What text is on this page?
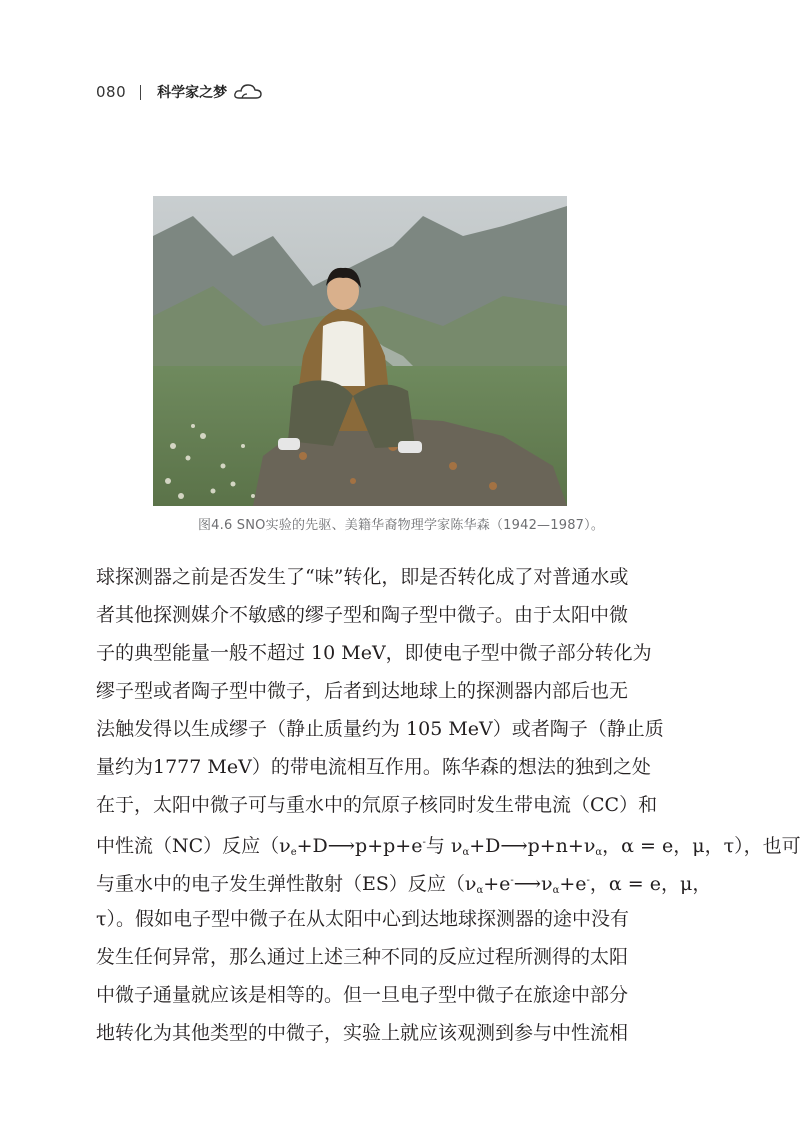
080 科学家之梦
图4.6 SNO实验的先驱、美籍华裔物理学家陈华森（1942—1987）。
球探测器之前是否发生了“味”转化，即是否转化成了对普通水或
者其他探测媒介不敏感的缪子型和陶子型中微子。由于太阳中微
子的典型能量一般不超过 10 MeV，即使电子型中微子部分转化为
缪子型或者陶子型中微子，后者到达地球上的探测器内部后也无
法触发得以生成缪子（静止质量约为 105 MeV）或者陶子（静止质
量约为1777 MeV）的带电流相互作用。陈华森的想法的独到之处
在于，太阳中微子可与重水中的氘原子核同时发生带电流（CC）和
中性流（NC）反应（$\nu_e+D⟶p+p+e^-$与 $\nu_\alpha+D⟶p+n+\nu_\alpha$，α = e，μ，τ），也可
与重水中的电子发生弹性散射（ES）反应（$\nu_\alpha+e^-⟶\nu_\alpha+e^-$，α = e，μ，
τ）。假如电子型中微子在从太阳中心到达地球探测器的途中没有
发生任何异常，那么通过上述三种不同的反应过程所测得的太阳
中微子通量就应该是相等的。但一旦电子型中微子在旅途中部分
地转化为其他类型的中微子，实验上就应该观测到参与中性流相
